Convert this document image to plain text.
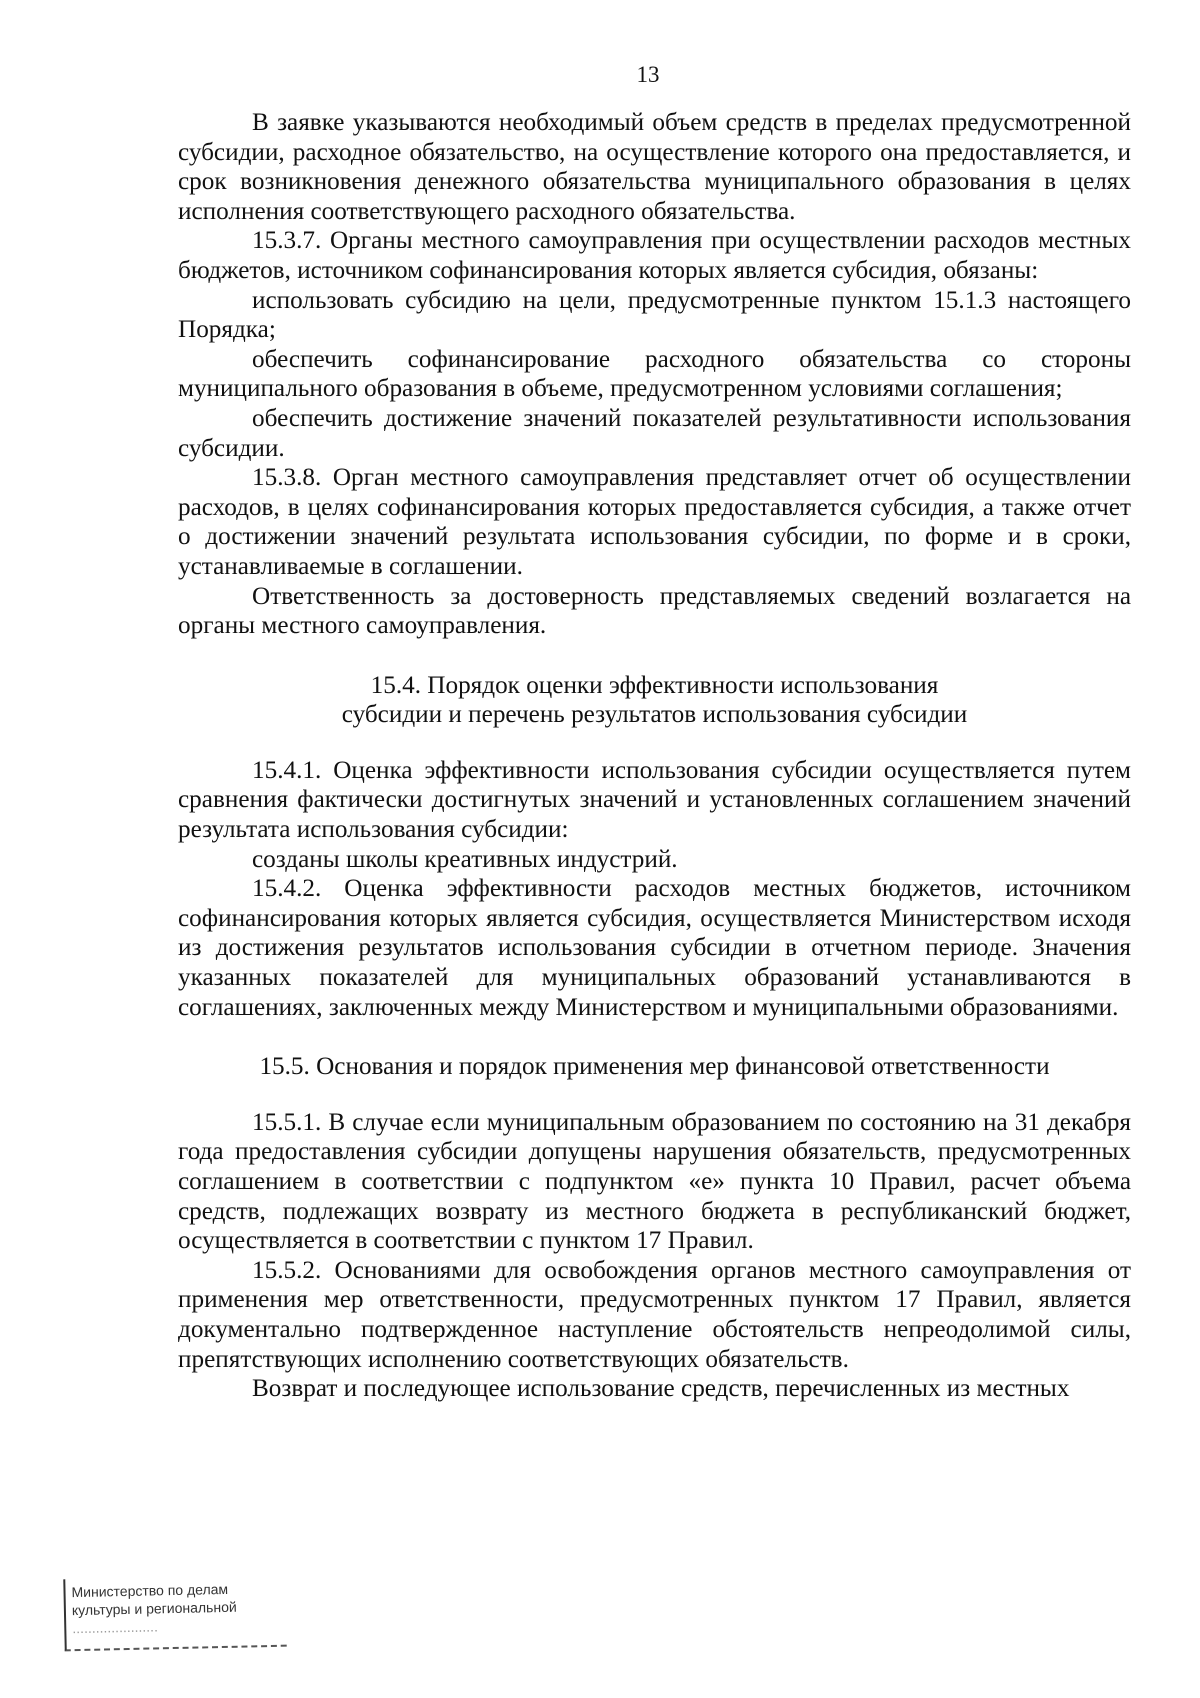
13

В заявке указываются необходимый объем средств в пределах предусмотренной субсидии, расходное обязательство, на осуществление которого она предоставляется, и срок возникновения денежного обязательства муниципального образования в целях исполнения соответствующего расходного обязательства.

15.3.7. Органы местного самоуправления при осуществлении расходов местных бюджетов, источником софинансирования которых является субсидия, обязаны:

использовать субсидию на цели, предусмотренные пунктом 15.1.3 настоящего Порядка;

обеспечить софинансирование расходного обязательства со стороны муниципального образования в объеме, предусмотренном условиями соглашения;

обеспечить достижение значений показателей результативности использования субсидии.

15.3.8. Орган местного самоуправления представляет отчет об осуществлении расходов, в целях софинансирования которых предоставляется субсидия, а также отчет о достижении значений результата использования субсидии, по форме и в сроки, устанавливаемые в соглашении.

Ответственность за достоверность представляемых сведений возлагается на органы местного самоуправления.

15.4. Порядок оценки эффективности использования
субсидии и перечень результатов использования субсидии

15.4.1. Оценка эффективности использования субсидии осуществляется путем сравнения фактически достигнутых значений и установленных соглашением значений результата использования субсидии:

созданы школы креативных индустрий.

15.4.2. Оценка эффективности расходов местных бюджетов, источником софинансирования которых является субсидия, осуществляется Министерством исходя из достижения результатов использования субсидии в отчетном периоде. Значения указанных показателей для муниципальных образований устанавливаются в соглашениях, заключенных между Министерством и муниципальными образованиями.

15.5. Основания и порядок применения мер финансовой ответственности

15.5.1. В случае если муниципальным образованием по состоянию на 31 декабря года предоставления субсидии допущены нарушения обязательств, предусмотренных соглашением в соответствии с подпунктом «е» пункта 10 Правил, расчет объема средств, подлежащих возврату из местного бюджета в республиканский бюджет, осуществляется в соответствии с пунктом 17 Правил.

15.5.2. Основаниями для освобождения органов местного самоуправления от применения мер ответственности, предусмотренных пунктом 17 Правил, является документально подтвержденное наступление обстоятельств непреодолимой силы, препятствующих исполнению соответствующих обязательств.

Возврат и последующее использование средств, перечисленных из местных

Министерство по делам
культуры и региональной
......................
